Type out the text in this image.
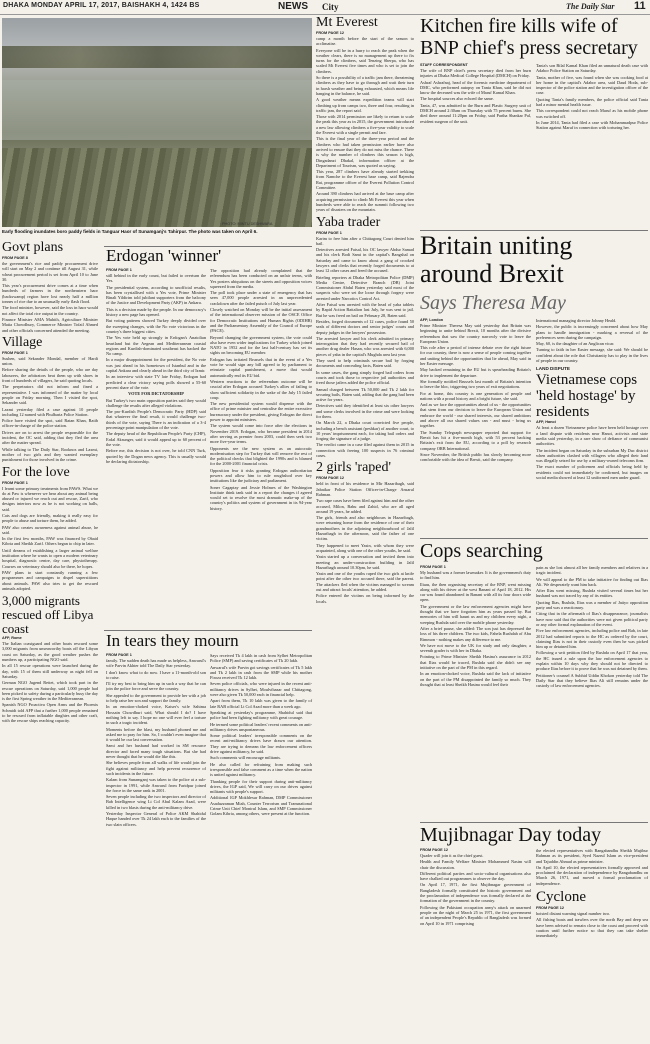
DHAKA MONDAY APRIL 17, 2017, BAISHAKH 4, 1424 BS	NEWS City	The Daily Star 11
PHOTO: MINTU DESHWARA
Early flooding inundates boro paddy fields in Tanguar Haor of Sunamganj's Tahirpur. The photo was taken on April 6.
Govt plans
FROM PAGE 8

the government's rice and paddy procurement drive will start on May 2 and continue till August 31, while wheat procurement period is set from April 10 to June 30.

This year's procurement drive comes at a time when hundreds of farmers in the northeastern haor (backswamp) region have lost nearly half a million tonnes of rice due to an unusually early flash flood.

The food minister, however, said the loss in haor would not affect the total rice output in the country.

Finance Minister AMA Muhith, Agriculture Minister Matia Chowdhury, Commerce Minister Tofail Ahmed and other officials concerned attended the meeting.

Village
FROM PAGE 1

Sushen, said Sekander Mondal, member of Hardi union.

Before sharing the details of the people, who are day labourers, the arbitrators beat them up with shoes in front of hundreds of villagers, he said quoting locals.

The perpetrators did not inform and fined a representative. I was informed of the matter by local people on Friday morning. Then I visited the spot, Sekander said.

Laxmi yesterday filed a case against 10 people including 12 named with Phulbaria Police Station.

Police have visited the spot, said Ratan Khan, Ratib officer-in-charge of the police station.

Drives are on to arrest the people responsible for the incident, the OC said, adding that they fled the area after the matter spread.

While talking to The Daily Star, Rooknos and Laxmi, mother of two girls and they wanted exemplary punishment for those involved in the crime.

For the love
FROM PAGE 1

I learnt some primary treatments from PAWS. What we do at Paw is whenever we hear about any animal being abused or injured we reach out and rescue, Zarif, who designs interiors now as he is not working on halls, said.

Cats and dogs are friendly, making it really easy for people to abuse and torture them, he added.

PAW also creates awareness against animal abuse, he said.

In the first few months, PAW was financed by Obaid Kibria and Sheikh Zarif. Others began to chip in later.

Until dreams of establishing a larger animal welfare institution where he wants to open a modern veterinary hospital, diagnostic centre, day care, physiotherapy. Courses on veterinary should also be there, he hopes.

PAW plans to start constantly running a few programmes and campaigns to dispel superstitions about animals. PAW also tries to get the rescued animals adopted.

3,000 migrants rescued off Libya coast
AFP, Rome

The Italian coastguard and other boats rescued some 3,000 migrants from unseaworthy boats off the Libyan coast on Saturday, as the good weather pushes the numbers up, a participating NGO said.

In all 15 rescue operations were launched during the day, with 15 of them still underway as night fell on Saturday.

German NGO Jugend Rettet, which took part in the rescue operations on Saturday, said 1,000 people had been picked to safety during a particularly busy the day is the first Spring weather in the Mediterranean.

Spanish NGO Proactiva Open Arms and the Phoenix Schmidt told AFP that a further 1,000 people remained to be rescued from inflatable dinghies and other craft, with the rescue ships reaching capacity.

Erdogan 'winner'
FROM PAGE 1

still behind in the early count, but failed to overturn the Yes.

The presidential system, according to unofficial results, has been crystallised with a Yes vote, Prime Minister Binali Yildirim told jubilant supporters from the balcony of the Justice and Development Party (AKP) in Ankara.

This is a decision made by the people. In our democracy's history a new page has opened.

But voting patterns showed Turkey deeply divided over the sweeping changes, with the No vote victorious in the country's three biggest cities.

The Yes vote held up strongly in Erdogan's Anatolian heartland but the Aegean and Mediterranean coastal regions and Kurdish-dominated southeast has backed the No camp.

In a major disappointment for the president, the No vote was just ahead in his hometown of Istanbul and in the capital Ankara and clearly ahead in the third city of Izmir.

In an interview with state TV late Friday, Erdogan had predicted a clear victory saying polls showed a 55-60 percent share of the vote.

VOTE FOR DICTATORSHIP

But Turkey's two main opposition parties said they would challenge the results after alleged violations.

The pro-Kurdish People's Democratic Party (HDP) said that whatever the final result, it would challenge two-thirds of the vote, saying There is an indication of a 3-4 percentage point manipulation of the vote.

The deputy head of the Republican People's Party (CHP), Erdal Aksunger, said it would appeal up to 60 percent of the vote.

Before me, this decision is not over, he told CNN Turk, quoted by the Dogan news agency. This is usually would be declaring dictatorship.

The opposition had already complained that the referendum has been conducted on an unfair terms, with Yes posters ubiquitous on the streets and opposition voices squeezed from the media.

The poll took place under a state of emergency that has seen 47,000 people arrested in an unprecedented crackdown after the failed putsch of July last year.

Closely watched on Monday will be the initial assessment of the international observer mission of the OSCE Office for Democratic Institutions and Human Rights (ODIHR) and the Parliamentary Assembly of the Council of Europe (PACE).

Beyond changing the government system, the vote could also have even wider implications for Turkey which joined NATO in 1952 and for the last half-century has set its sights on becoming EU member.

Erdogan has irritated Brussels that in the event of a Yes vote he would sign any bill agreed to by parliament to reinstate capital punishment, a move that would automatically end its EU bid.

Western reactions to the referendum outcome will be crucial after Erdogan accused Turkey's allies of failing to show sufficient solidarity in the wake of the July 15 failed coup.

The new presidential system would dispense with the office of prime minister and centralise the entire executive bureaucracy under the president, giving Erdogan the direct power to appoint ministers.

The system would come into force after the elections in November 2019. Erdogan, who became president in 2014 after serving as premier from 2003, could then seek two more five-year terms.

Opponents see the new system as an autocratic modernisation step for Turkey that will remove the rest of the political checks that blighted the 1990s and is blamed for the 2000-2001 financial crisis.

Opposition fear it risks granting Erdogan authoritarian powers and allow him to rule roughshod over key institutions like the judiciary and parliament.

Soner Cagaptay and Jessie Holmes of the Washington Institute think tank said in a report the changes if agreed would set to resolve the most dramatic make-up of the country's politics and system of government in its 94-year history.

In tears they mourn
FROM PAGE 1

family. The sudden death has made us helpless, Anwarul's wife Parvin Akhter told The Daily Star yesterday.

I don't know what to do now. I have a 11-month-old son to raise.

I'll try my best to bring him up in such a way that he can join the police force and serve the country.

She appealed to the government to provide her with a job to help raise her son and support the family.

In an emotion-choked voice, Kaiser's wife Sahima Hossain Chowdhuri said, What should I do? I have nothing left to say. I hope no one will ever feel a torture in such a tragic incident.

Moments before the blast, my husband phoned me and asked me to pray for him. So, I couldn't even imagine that it would be our last conversation.

Sami and her husband had worked in SM resource director and faced many tough situations. But she had never thought that he would die like this.

She believes people from all walks of life would join the fight against militancy and help prevent recurrence of such incidents in the future.

Kalam from Sunamganj was taken to the police at a sub-inspector in 1991, while Anwarul from Faridpur joined the force in the same rank in 2001.

Seven people including the two inspectors and director of Bab Intelligence wing Lt Col Abul Kalam Azad, were killed in two blasts during the anti-militancy drive.

Yesterday Inspector General of Police AKM Shahidul Haque handed over Tk 24 lakh each to the families of the two slain officers.

Says received Tk 4 lakh in cash from Sylhet Metropolitan Police (SMP) and saving certificates of Tk 20 lakh.

Anwarul's wife Parvin got savings certificates of Tk 5 lakh and Tk 2 lakh in cash from the SMP while his mother Firoza received Tk 12 lakh.

Seven police officials, who were injured in the recent anti-militancy drives in Sylhet, Moulvibazar and Chittagong, were also given Tk 50,000 each in financial help.

Apart from them, Tk 10 lakh was given to the family of late RAB official Lt Col Azad more than a week ago.

Speaking at yesterday's programme, Shahidul said that police had been fighting militancy with great courage.

He termed some political leaders' recent comments on anti-militancy drives unspontaneous.

Some political leaders' irresponsible comments on the recent anti-militancy drives have drawn our attention. They are trying to demean the law enforcement officers drive against militancy, he said.

Such comments will encourage militants.

He also called for refraining from making such irresponsible and false comment as a time when the nation is united against militancy.

Thanking people for their support during anti-militancy drives, the IGP said, We will carry on our drives against militants with people's support.

Additional IGP Mokhlesur Rahman, DMP Commissioner Asaduzzaman Miah, Counter Terrorism and Transnational Crime Unit Chief Monirul Islam, and SMP Commissioner Golam Kibria, among others, were present at the function.

Mt Everest
FROM PAGE 12

camp a month before the start of the season to acclimatise.

Everyone will be in a hurry to reach the peak when the weather clears, there is no management up there to fix turns for the climbers, said Tenzing Sherpa, who has scaled Mt Everest five times and who is set to join the climbers.

So there is a possibility of a traffic jam there, threatening climbers as they have to go through and wait their turn in harsh weather and being exhausted, which means life hanging in the balance, he said.

A good weather means expedition teams will start climbing up from camps two, three and four, resulting in traffic jam, the report said.

Those with 2014 permission are likely to return to scale the peak this year as in 2015, the government introduced a new law allowing climbers a five-year validity to scale the Everest with a single permit and fare.

This is the final year of the three-year period and the climbers who had taken permission earlier have also arrived to ensure that they do not miss the chance. There is why the number of climbers this season is high, Dingadanzi Dhakal, information officer at the Department of Tourism, was quoted as saying.

This year, 287 climbers have already started trekking from Namche to the Everest base camp, said Rajendra Rai, programme officer of the Everest Pollution Control Committee.

Around 390 climbers had arrived at the base camp after acquiring permission to climb Mt Everest this year when hundreds were able to reach the summit following two years of disasters on the mountain.

Yaba trader
FROM PAGE 1

Karim to free him after a Chittagong Court denied him bail.

Detectives arrested Faisal, his OC lawyer Abdur Samad and his clerk Bodi Sami in the capital's Bangshal on Saturday and came to know about a gang of crooked lawyers and clerks that recently forged documents to at least 12 other cases and freed the accused.

Briefing reporters at Dhaka Metropolitan Police (DMP) Media Centre, Detective Branch (DB) Joint Commissioner Abdul Baten yesterday said most of the suspects who were set the loose through forgery were arrested under Narcotics Control Act.

After Faisal was arrested with the head of yaba tablets by Rapid Action Battalion last July, he was sent to jail. But he was freed on bail on February 28, Baten said.

Besides, forged documents of 12 cases, police found 50 seals of different doctors and senior judges' courts and deputy judges in the lawyers' possession.

The arrested lawyer and his clerk admitted in primary interrogation that they had recently secured bail of another drug dealer Hasan, who was arrested with 6,000 pieces of yaba in the capital's Mughda area last year.

They used to help criminals secure bail by forging documents and concealing facts, Baten said.

In some cases, the gang simply forged bail orders from courts and took those to respective jail authorities and freed those jailers added the police official.

Samad charged between Tk 50,000 and Tk 2 lakh for securing bails, Baten said, adding that the gang had been active for years.

Detectives said they identified at least six other lawyers and some clerks involved in the crime and were looking for them.

On March 22, a Dhaka court convicted five people, including a bench assistant (peshkar) of another court, to 10 years' imprisonment each, for taking bail orders and forging the signature of a judge.

The verdict came in a case filed against them in 2015 in connection with freeing 100 suspects in 76 criminal cases.

2 girls 'raped'
FROM PAGE 12

held in front of his residence in Mir Hazaribagh, said Jabatkar Police Station Officer-in-Charge Ansarul Rahman.

Two rape cases have been filed against him and the other accused, Milon, Babu and Zahid, who are all aged around 19 years, he added.

The girls, friends and also neighbours in Hazaribagh, were returning home from the residence of one of their grandmothers in the adjoining neighbourhood of Jalil Hazaribagh in the afternoon, said the father of one victim.

They happened to meet Yasin, with whom they were acquainted, along with one of the other youths, he said.

Yasin started up a conversation and invited them into meeting an under-construction building in Jalil Hazaribagh around 10.30pm, he said.

Yasin and one of the youths raped the two girls at knife point after the other two accused there, said the parent. The attackers fled when the victims managed to scream out and attract locals' attention, he added.

Police entered the victims on being informed by the locals.

Kitchen fire kills wife of BNP chief's press secretary
STAFF CORRESPONDENT

The wife of BNP chief's press secretary died from her burn injuries at Dhaka Medical College Hospital (DMCH) on Friday.

Ashraf Ashrafnaj, head of the forensic medicine department of DMC, who performed autopsy on Tania Khan, said he did not know the deceased was the wife of Maruf Kamal Khan.

The hospital sources also echoed the same.

Tania, 47, was admitted to the Burn and Plastic Surgery unit of DMCH around 2:30am on Thursday with 75 percent burns. She died there around 11:20pm on Friday, said Partha Shankar Pal, resident surgeon of the unit.

Tania's son Bilal Kamal Khan filed an unnatural death case with Adabor Police Station on Saturday.

Tania, mother of five, was found when she was cooking food at her home in the capital's Adabor area, said Daud Hoda, sub-inspector of the police station and the investigation officer of the case.

Quoting Tania's family members, the police official said Tania had a minor mental health issue.

This correspondent could not reach Maruf as his mobile phone was switched off.

In June 2014, Tania had filed a case with Mohammadpur Police Station against Maruf in connection with torturing her.

Britain uniting around Brexit
Says Theresa May
AFP, London

Prime Minister Theresa May said yesterday that Britain was beginning to unite behind Brexit, 10 months after the divisive referendum that saw the country narrowly vote to leave the European Union.

This role after a period of intense debate over the right future for our country, there is now a sense of people coming together and uniting behind the opportunities that lie ahead, May said in her Easter message.

May backed remaining in the EU but is spearheading Britain's drive to implement the departure.

She formally notified Brussels last month of Britain's intention to leave the bloc, triggering two years of exit negotiations.

For at home, this country is one generation of people and nations with a proud history and a bright future, she said.

And as we face the opportunities ahead of us - the opportunities that stem from our decision to leave the European Union and embrace the world - our shared interests, our shared ambitions and above all our shared values can - and must - bring us together.

The Sunday Telegraph newspaper reported that support for Brexit has hit a five-month high, with 53 percent backing Britain's exit from the EU, according to a poll by research company ORB International.

Since November, the British public has slowly becoming more comfortable with the idea of Brexit, said the company.

International managing director Johnny Heald.

However, the public is increasingly concerned about how May plans to handle immigration - marking a reversal of the preferences seen during the campaign.

May, 60, is the daughter of an Anglican vicar.

Turning to faith in her Easter message, she said: We should be confident about the role that Christianity has to play in the lives of people in our country.

LAND DISPUTE
Vietnamese cops 'held hostage' by residents
AFP, Hanoi

At least a dozen Vietnamese police have been held hostage over a land dispute with residents near Hanoi, activists and state media said yesterday, in a rare show of defiance of communist authorities.

The incident began on Saturday in the suburban My Duc district when authorities clashed with villagers who alleged their land was illegally seized for use by a military-owned telecoms firm.

The exact number of policemen and officials being held by residents could not immediately be confirmed, but images on social media showed at least 12 uniformed men under guard.

Cops searching
FROM PAGE 1

My husband was a former lawmaker. It is the government's duty to find him.

Iliaas, the then organising secretary of the BNP, went missing along with his driver at the west Banani of April 18, 2012. His car was found abandoned in Banani with all its four doors wide open.

The government or the law enforcement agencies might have thought that we have forgotten him as years passed by. But memories of him will haunt us and my children every night, a weeping Rushda said over the mobile phone yesterday.

After a brief pause, she added: The son just has depressed the loss of his three children. The two kids, Fahela Rushdah of Abu Rimmon - nothing makes any difference to me.

We have not move to the UK for study and only daughter, a seventh grader is with her in Dhaka.

Pointing to Prime Minister Sheikh Hasina's assurance in 2012 that Ilias would be traced, Rushda said she didn't see any initiative on the part of the PM in this regard.

In an emotion-choked voice, Rushda said the lack of initiative on the part of the PM disappointed the family so much. They thought that at least Sheikh Hasina would feel their

pain as she lost almost all her family members and relatives in a tragic incident.

We will appeal to the PM to take initiative for finding out Ilias Ali. We desperately want him back.

After Ilias went missing, Rushda visited several times but her husband was not traced by any of its entities.

Quoting Ilias, Rushda, Ilias was a member of Jatiyo opposition party and was a reactionary.

Citing that in the aftermath of Ilias's disappearance, journalists have now said that the authorities were not given political party or any other formal explanation of the event.

Five law enforcement agencies, including police and Rab, in late 2012 had submitted reports to the HC as ordered by the court, claiming Ilias is not in their custody even then he was picked him up or detained him.

Following a writ petition filed by Rushda on April 17 that year, the HC issued a rule upon the law enforcement agencies to explain within 10 days why they should not be directed to produce Ilias before it to prove that he was not detained by them.

Petitioner's counsel A Subhid Uddin Khokon yesterday told The Daily Star that they believe Ilias Ali still remains under the custody of law enforcement agencies.

Mujibnagar Day today
FROM PAGE 12

Quader will join it as the chief guest.

Health and Family Welfare Minister Mohammed Nasim will chair the discussion.

Different political parties and socio-cultural organisations also have chalked out programmes to observe the day.

On April 17, 1971, the first Mujibnagar government of Bangladesh formally constituted the historic government and the proclamation of independence was formally declared at the formation of the government in the country.

Following the Pakistani occupation army's attack on unarmed people on the night of March 25 in 1971, the first government of an independent People's Republic of Bangladesh was formed on April 10 in 1971 comprising

the elected representatives with Bangabandhu Sheikh Mujibur Rahman as its president, Syed Nazrul Islam as vice-president and Tajuddin Ahmad as prime minister.

On April 10, the elected representatives formally approved and proclaimed the declaration of independence by Bangabandhu on March 26, 1971, and moved a formal proclamation of independence.

Cyclone
FROM PAGE 12

hoisted distant warning signal number two.

All fishing boats and trawlers over the north Bay and deep sea have been advised to remain close to the coast and proceed with caution until further notice so that they can take shelter immediately.
